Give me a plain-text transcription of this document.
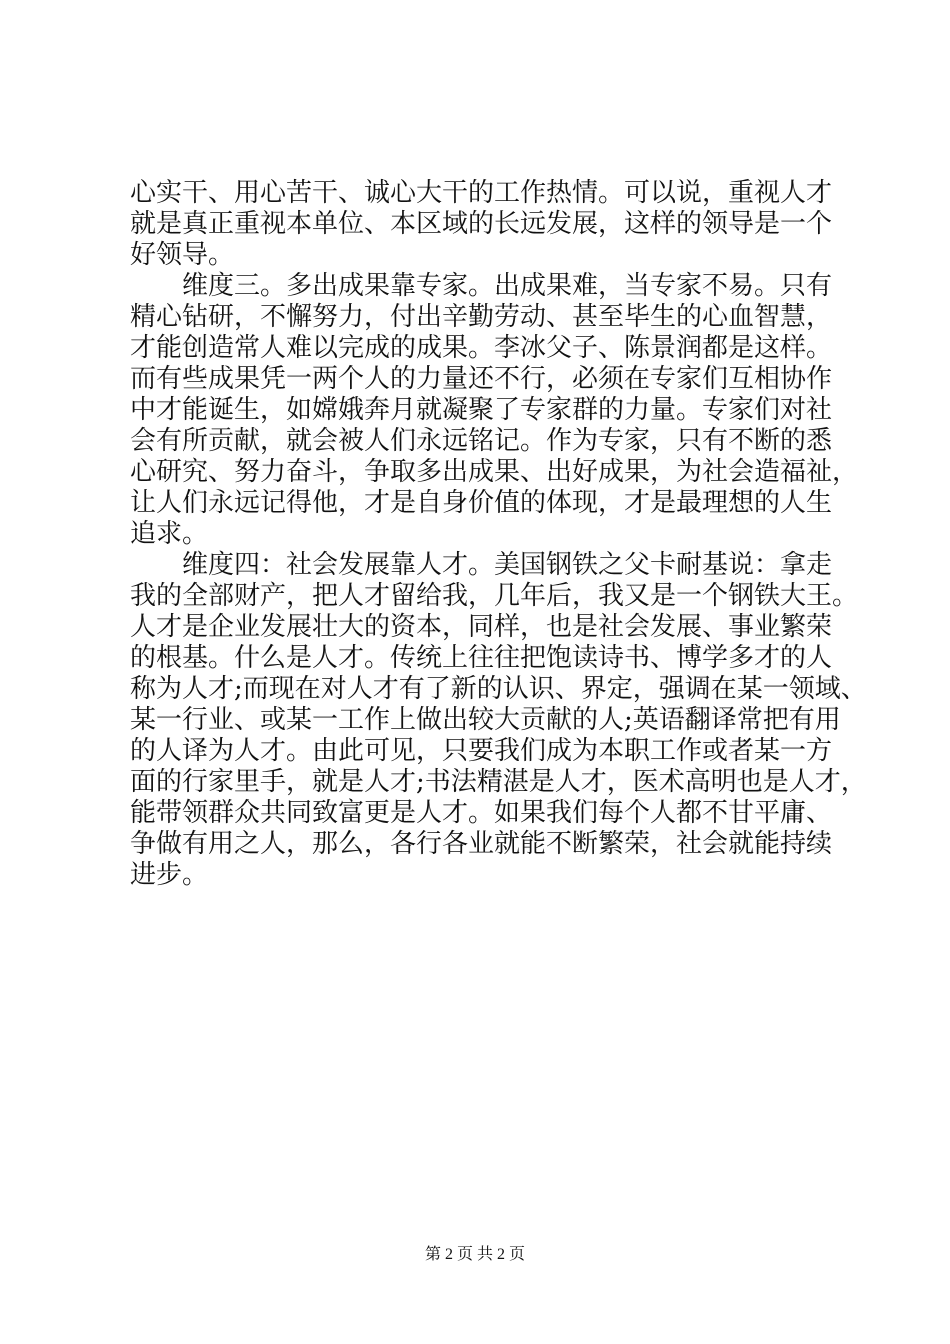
心实干、用心苦干、诚心大干的工作热情。可以说，重视人才
就是真正重视本单位、本区域的长远发展，这样的领导是一个
好领导。
维度三。多出成果靠专家。出成果难，当专家不易。只有
精心钻研，不懈努力，付出辛勤劳动、甚至毕生的心血智慧，
才能创造常人难以完成的成果。李冰父子、陈景润都是这样。
而有些成果凭一两个人的力量还不行，必须在专家们互相协作
中才能诞生，如嫦娥奔月就凝聚了专家群的力量。专家们对社
会有所贡献，就会被人们永远铭记。作为专家，只有不断的悉
心研究、努力奋斗，争取多出成果、出好成果，为社会造福祉，
让人们永远记得他，才是自身价值的体现，才是最理想的人生
追求。
维度四：社会发展靠人才。美国钢铁之父卡耐基说：拿走
我的全部财产，把人才留给我，几年后，我又是一个钢铁大王。
人才是企业发展壮大的资本，同样，也是社会发展、事业繁荣
的根基。什么是人才。传统上往往把饱读诗书、博学多才的人
称为人才;而现在对人才有了新的认识、界定，强调在某一领域、
某一行业、或某一工作上做出较大贡献的人;英语翻译常把有用
的人译为人才。由此可见，只要我们成为本职工作或者某一方
面的行家里手，就是人才;书法精湛是人才，医术高明也是人才，
能带领群众共同致富更是人才。如果我们每个人都不甘平庸、
争做有用之人，那么，各行各业就能不断繁荣，社会就能持续
进步。
第 2 页 共 2 页
